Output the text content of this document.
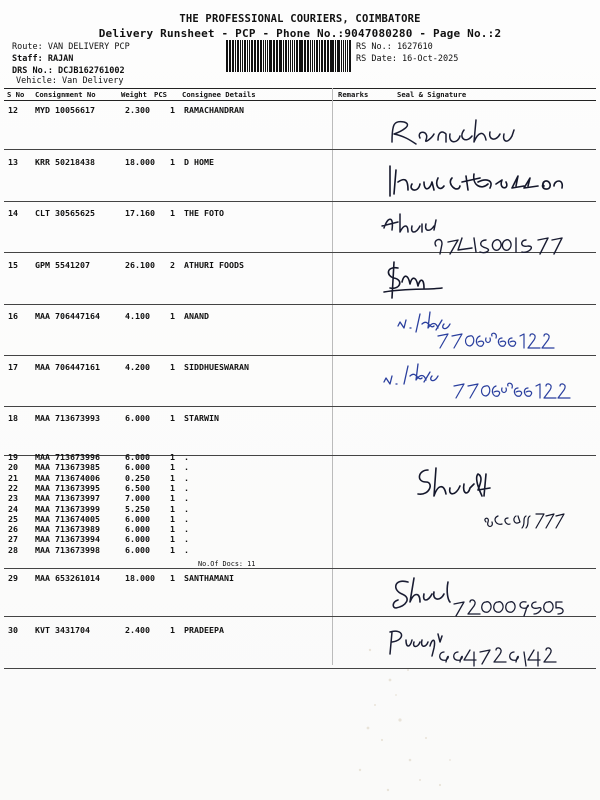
THE PROFESSIONAL COURIERS, COIMBATORE
Delivery Runsheet - PCP - Phone No.:9047080280 - Page No.:2
Route: VAN DELIVERY PCP
Staff: RAJAN
DRS No.: DCJB162761002
Vehicle: Van Delivery
RS No.: 1627610
RS Date: 16-Oct-2025
S No Consignment No	Weight PCS Consignee Details	Remarks	Seal & Signature
12 MYD 10056617	2.300 1 RAMACHANDRAN
13 KRR 50218438	18.000 1 D HOME
14 CLT 30565625	17.160 1 THE FOTO
15 GPM 5541207	26.100 2 ATHURI FOODS
16 MAA 706447164	4.100 1 ANAND
17 MAA 706447161	4.200 1 SIDDHUESWARAN
18 MAA 713673993	6.000 1 STARWIN
19 MAA 713673996	6.000 1 .
20 MAA 713673985	6.000 1 .
21 MAA 713674006	0.250 1 .
22 MAA 713673995	6.500 1 .
23 MAA 713673997	7.000 1 .
24 MAA 713673999	5.250 1 .
25 MAA 713674005	6.000 1 .
26 MAA 713673989	6.000 1 .
27 MAA 713673994	6.000 1 .
28 MAA 713673998	6.000 1 .
No.Of Docs: 11
29 MAA 653261014	18.000 1 SANTHAMANI
30 KVT 3431704	2.400 1 PRADEEPA
